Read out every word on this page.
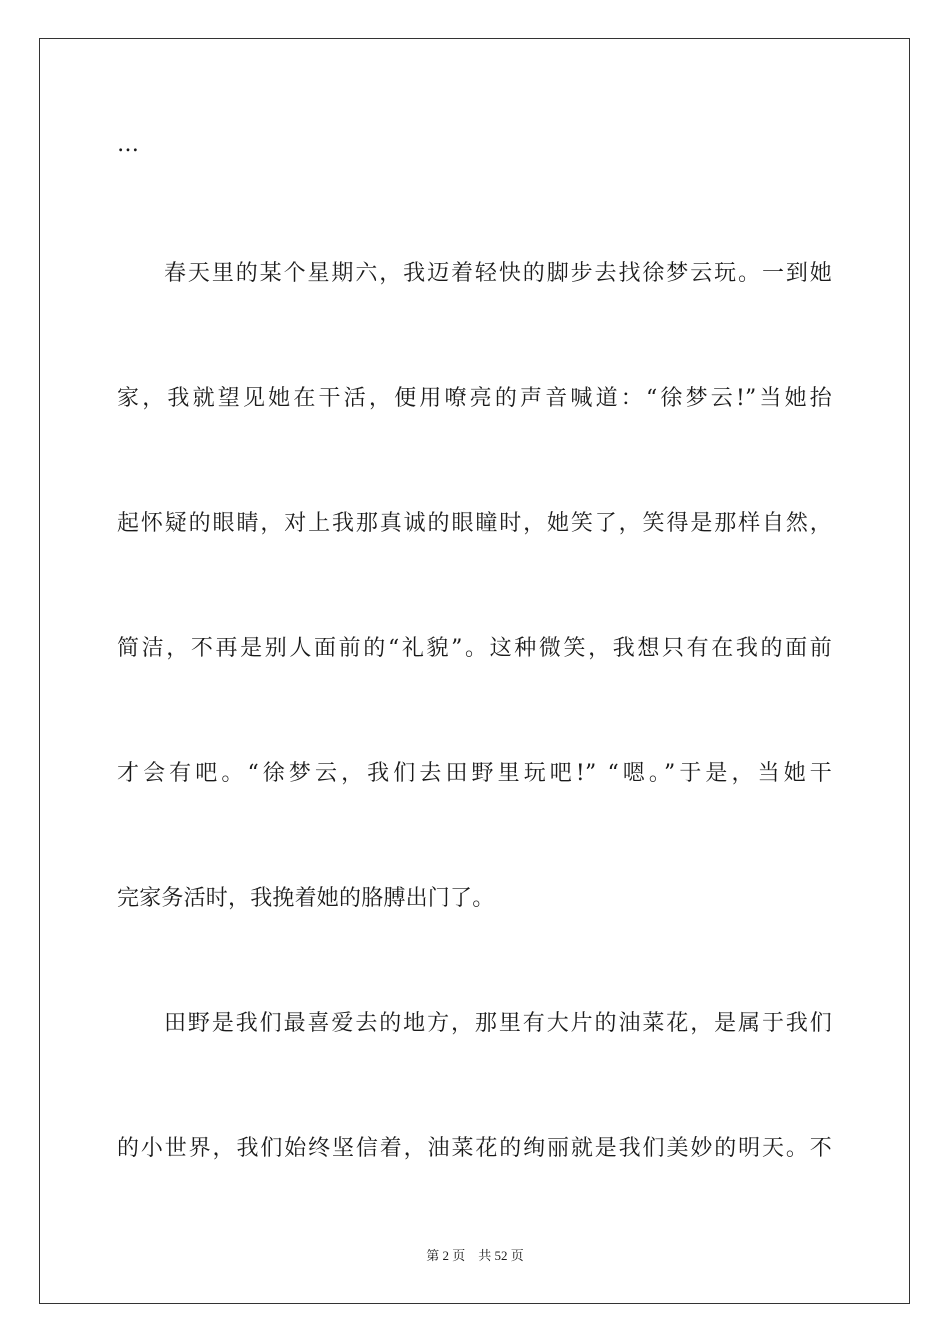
…
春天里的某个星期六，我迈着轻快的脚步去找徐梦云玩。一到她
家，我就望见她在干活，便用嘹亮的声音喊道：“徐梦云!”当她抬
起怀疑的眼睛，对上我那真诚的眼瞳时，她笑了，笑得是那样自然，
简洁，不再是别人面前的“礼貌”。这种微笑，我想只有在我的面前
才会有吧。“徐梦云，我们去田野里玩吧!” “嗯。”于是，当她干
完家务活时，我挽着她的胳膊出门了。
田野是我们最喜爱去的地方，那里有大片的油菜花，是属于我们
的小世界，我们始终坚信着，油菜花的绚丽就是我们美妙的明天。不
第 2 页    共 52 页
